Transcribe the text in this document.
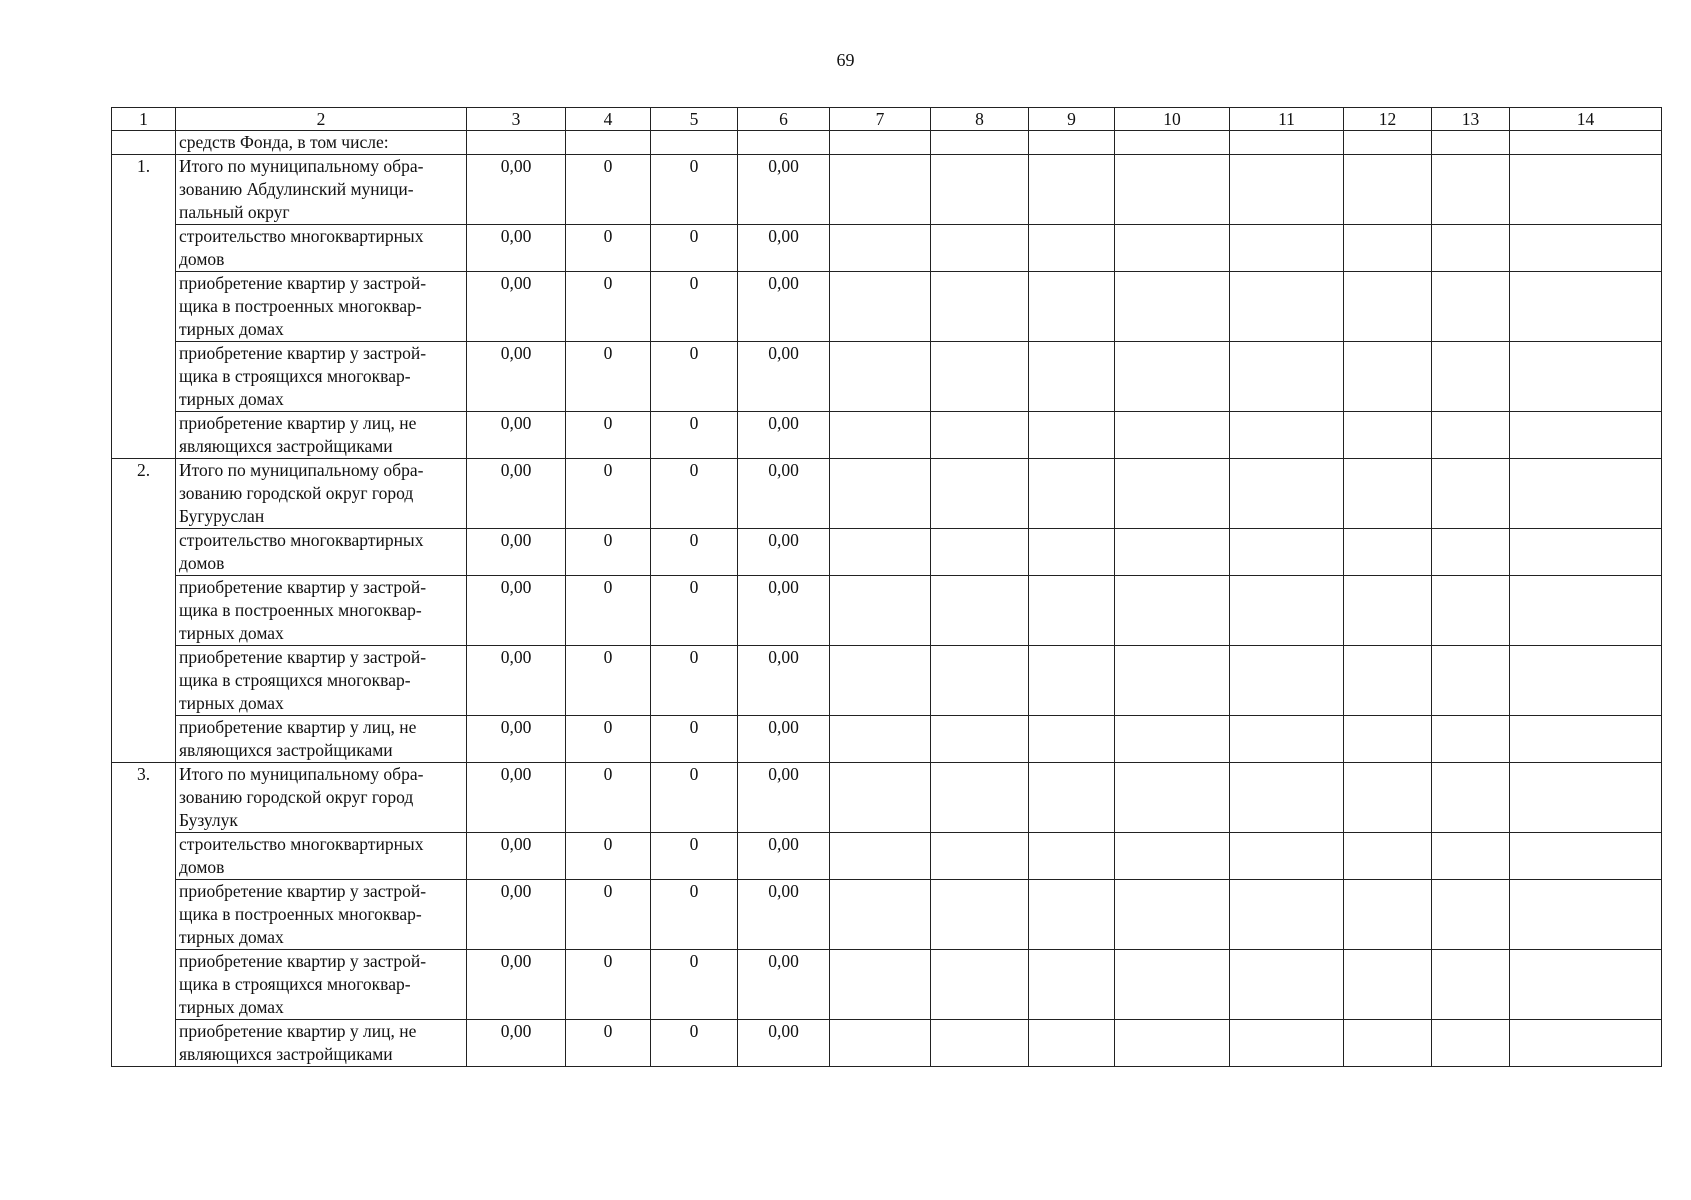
69
1	2	3	4	5	6	7	8	9	10	11	12	13	14
	средств Фонда, в том числе:												
1.	Итого по муниципальному обра-
зованию Абдулинский муници-
пальный округ	0,00	0	0	0,00								
	строительство многоквартирных
домов	0,00	0	0	0,00								
	приобретение квартир у застрой-
щика в построенных многоквар-
тирных домах	0,00	0	0	0,00								
	приобретение квартир у застрой-
щика в строящихся многоквар-
тирных домах	0,00	0	0	0,00								
	приобретение квартир у лиц, не
являющихся застройщиками	0,00	0	0	0,00								
2.	Итого по муниципальному обра-
зованию городской округ город
Бугуруслан	0,00	0	0	0,00								
	строительство многоквартирных
домов	0,00	0	0	0,00								
	приобретение квартир у застрой-
щика в построенных многоквар-
тирных домах	0,00	0	0	0,00								
	приобретение квартир у застрой-
щика в строящихся многоквар-
тирных домах	0,00	0	0	0,00								
	приобретение квартир у лиц, не
являющихся застройщиками	0,00	0	0	0,00								
3.	Итого по муниципальному обра-
зованию городской округ город
Бузулук	0,00	0	0	0,00								
	строительство многоквартирных
домов	0,00	0	0	0,00								
	приобретение квартир у застрой-
щика в построенных многоквар-
тирных домах	0,00	0	0	0,00								
	приобретение квартир у застрой-
щика в строящихся многоквар-
тирных домах	0,00	0	0	0,00								
	приобретение квартир у лиц, не
являющихся застройщиками	0,00	0	0	0,00								
